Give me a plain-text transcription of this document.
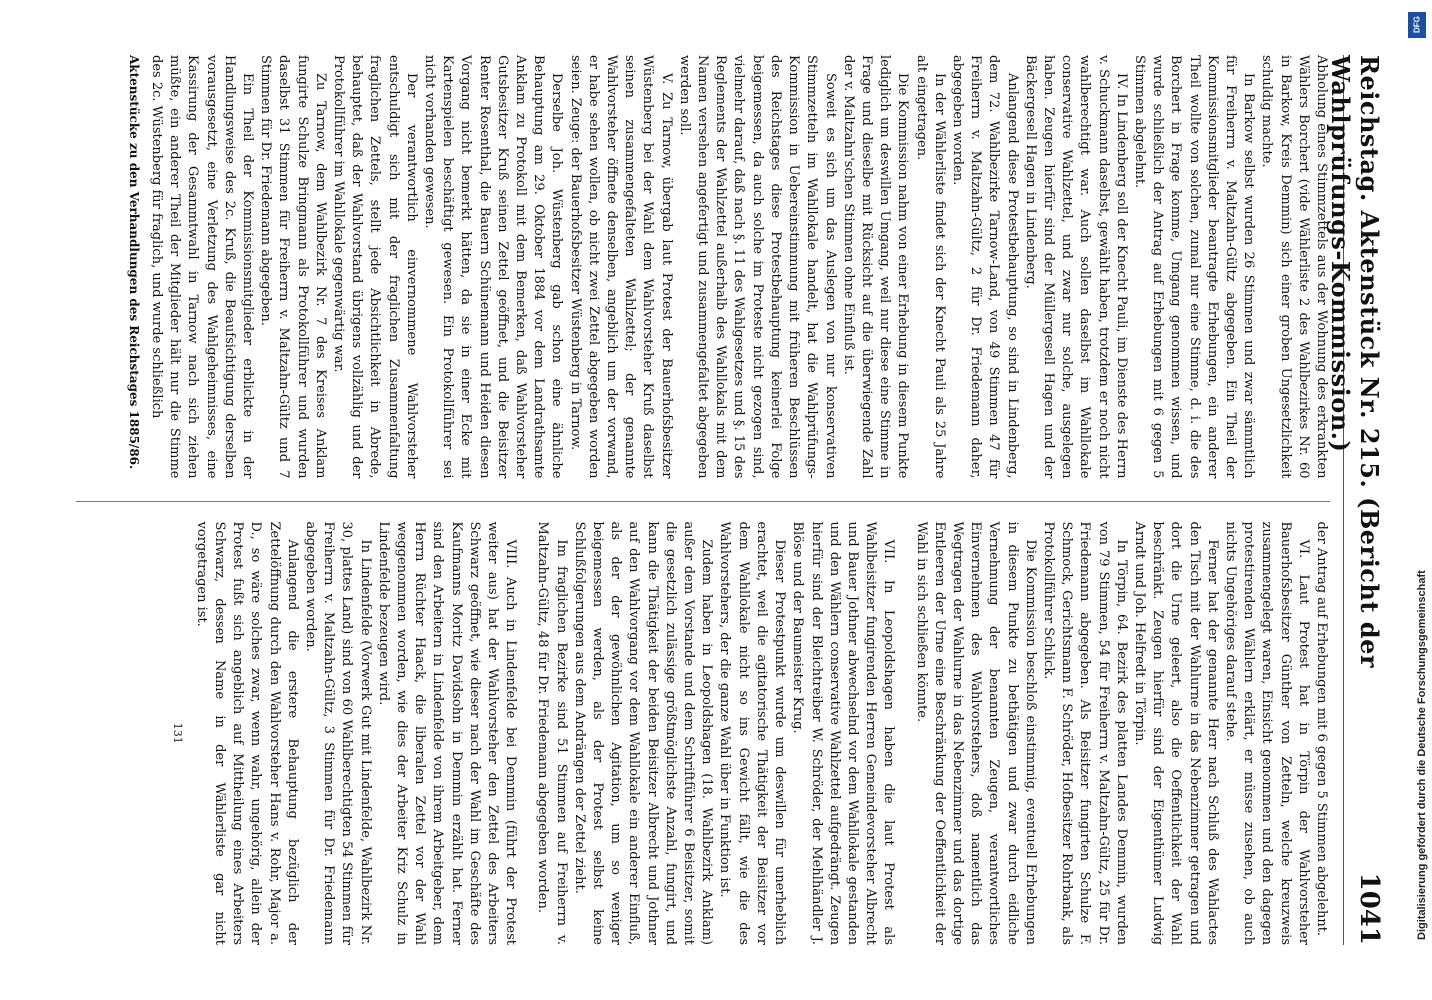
Reichstag. Aktenstück Nr. 215. (Bericht der Wahlprüfungs-Kommission.)
1041

Abholung eines Stimmzettels aus der Wohnung des erkrankten Wählers Borchert (vide Wählerliste 2 des Wahlbezirkes Nr. 60 in Barkow, Kreis Demmin) sich einer groben Ungesetzlichkeit schuldig machte.

In Barkow selbst wurden 26 Stimmen und zwar sämmtlich für Freiherrn v. Maltzahn-Gültz abgegeben. Ein Theil der Kommissionsmitglieder beantragte Erhebungen, ein anderer Theil wollte von solchen, zumal nur eine Stimme, d. i. die des Borchert in Frage komme, Umgang genommen wissen, und wurde schließlich der Antrag auf Erhebungen mit 6 gegen 5 Stimmen abgelehnt.

IV. In Lindenberg soll der Knecht Pauli, im Dienste des Herrn v. Schuckmann daselbst, gewählt haben, trotzdem er noch nicht wahlberechtigt war. Auch sollen daselbst im Wahllokale conservative Wahlzettel, und zwar nur solche, ausgelegen haben. Zeugen hierfür sind der Müllergesell Hagen und der Bäckergesell Hagen in Lindenberg.

Anlangend diese Protestbehauptung, so sind in Lindenberg, dem 72. Wahlbezirke Tarnow-Land, von 49 Stimmen 47 für Freiherrn v. Maltzahn-Gültz, 2 für Dr. Friedemann daher, abgegeben worden.

In der Wählerliste findet sich der Knecht Pauli als 25 Jahre alt eingetragen.

Die Kommission nahm von einer Erhebung in diesem Punkte lediglich um deswillen Umgang, weil nur diese eine Stimme in Frage und dieselbe mit Rücksicht auf die überwiegende Zahl der v. Maltzahn'schen Stimmen ohne Einfluß ist.

Soweit es sich um das Auslegen von nur konservativen Stimmzetteln im Wahllokale handelt, hat die Wahlprüfungs-Kommission in Uebereinstimmung mit früheren Beschlüssen des Reichstages diese Protestbehauptung keinerlei Folge beigemessen, da auch solche im Proteste nicht gezogen sind, vielmehr darauf, daß nach §. 11 des Wahlgesetzes und §. 15 des Reglements der Wahlzettel außerhalb des Wahllokals mit dem Namen versehen angefertigt und zusammengefaltet abgegeben werden soll.

V. Zu Tarnow, übergab laut Protest der Bauerhofsbesitzer Wüstenberg bei der Wahl dem Wahlvorsteher Kruß daselbst seinen zusammengefalteten Wahlzettel; der genannte Wahlvorsteher öffnete denselben, angeblich um der vorwand, er habe sehen wollen, ob nicht zwei Zettel abgegeben worden seien. Zeuge: der Bauerhofsbesitzer Wüstenberg in Tarnow.

Derselbe Joh. Wüstenberg gab schon eine ähnliche Behauptung am 29. Oktober 1884 vor dem Landrathsamte Anklam zu Protokoll mit dem Bemerken, daß Wahlvorsteher Gutsbesitzer Kruß seinen Zettel geöffnet, und die Beisitzer Renter Rosenthal, die Bauern Schünemann und Heiden diesen Vorgang nicht bemerkt hätten, da sie in einer Ecke mit Kartenspielen beschäftigt gewesen. Ein Protokollführer sei nicht vorhanden gewesen.

Der verantwortlich einvernommene Wahlvorsteher entschuldigt sich mit der fraglichen Zusammenfaltung fraglichen Zettels, stellt jede Absichtlichkeit in Abrede, behauptet, daß der Wahlvorstand übrigens vollzählig und der Protokollführer im Wahllokale gegenwärtig war.

Zu Tarnow, dem Wahlbezirk Nr. 7 des Kreises Anklam fungirte Schulze Bringmann als Protokollführer und wurden daselbst 31 Stimmen für Freiherrn v. Maltzahn-Gültz und 7 Stimmen für Dr. Friedemann abgegeben.

Ein Theil der Kommissionsmitglieder erblickte in der Handlungsweise des 2c. Kruß, die Beaufsichtigung derselben vorausgesetzt, eine Verletzung des Wahlgeheimnisses, eine Kassirung der Gesammtwahl in Tarnow nach sich ziehen müßte, ein anderer Theil der Mitglieder hält nur die Stimme des 2c. Wüstenberg für fraglich, und wurde schließlich

Aktenstücke zu den Verhandlungen des Reichstages 1885/86.

der Antrag auf Erhebungen mit 6 gegen 5 Stimmen abgelehnt.

VI. Laut Protest hat in Törpin der Wahlvorsteher Bauerhofsbesitzer Günther von Zetteln, welche kreuzweis zusammengelegt waren, Einsicht genommen und den dagegen protestirenden Wählern erklärt, er müsse zusehen, ob auch nichts Ungehöriges darauf stehe.

Ferner hat der genannte Herr nach Schluß des Wahlactes den Tisch mit der Wahlurne in das Nebenzimmer getragen und dort die Urne geleert, also die Oeffentlichkeit der Wahl beschränkt. Zeugen hierfür sind der Eigenthümer Ludwig Arndt und Joh. Helfredt in Törpin.

In Törpin, 64. Bezirk des platten Landes Demmin, wurden von 79 Stimmen, 54 für Freiherrn v. Maltzahn-Gültz, 25 für Dr. Friedemann abgegeben. Als Beisitzer fungirten Schulze F. Schmock, Gerichtsmann F. Schröder, Hofbesitzer Rohrbank, als Protokollführer Schlick.

Die Kommission beschloß einstimmig, eventuell Erhebungen in diesem Punkte zu bethätigen und zwar durch eidliche Vernehmung der benannten Zeugen, verantwortliches Einvernehmen des Wahlvorstehers, doß namentlich das Wegtragen der Wahlurne in das Nebenzimmer und das dortige Entleeren der Urne eine Beschränkung der Oeffentlichkeit der Wahl in sich schließen könnte.

VII. In Leopoldshagen haben die laut Protest als Wahlbeisitzer fungirenden Herren Gemeindevorsteher Albrecht und Bauer Jothner abwechselnd vor dem Wahllokale gestanden und den Wählern conservative Wahlzettel aufgedrängt. Zeugen hierfür sind der Bleichtreiber W. Schröder, der Mehlhändler J. Blöse und der Baumeister Krug.

Dieser Protestpunkt wurde um deswillen für unerheblich erachtet, weil die agitatorische Thätigkeit der Beisitzer vor dem Wahllokale nicht so ins Gewicht fällt, wie die des Wahlvorstehers, der die ganze Wahl über in Funktion ist.

Zudem haben in Leopoldshagen (18. Wahlbezirk Anklam) außer dem Vorstande und dem Schriftführer 6 Beisitzer, somit die gesetzlich zulässige größtmöglichste Anzahl, fungirt, und kann die Thätigkeit der beiden Beisitzer Albrecht und Jothner auf den Wahlvorgang vor dem Wahllokale ein anderer Einfluß, als der der gewöhnlichen Agitation, um so weniger beigemessen werden, als der Protest selbst keine Schlußfolgerungen aus dem Andrängen der Zettel zieht.

Im fraglichen Bezirke sind 51 Stimmen auf Freiherrn v. Maltzahn-Gültz, 48 für Dr. Friedemann abgegeben worden.

VIII. Auch in Lindenfelde bei Demmin (führt der Protest weiter aus) hat der Wahlvorsteher den Zettel des Arbeiters Schwarz geöffnet, wie dieser nach der Wahl im Geschäfte des Kaufmanns Moritz Davidsohn in Demmin erzählt hat. Ferner sind den Arbeitern in Lindenfelde von ihrem Arbeitgeber, dem Herrn Rüchter Haack, die liberalen Zettel vor der Wahl weggenommen worden, wie dies der Arbeiter Kriz Schulz in Lindenfelde bezeugen wird.

In Lindenfelde (Vorwerk Gut mit Lindenfelde, Wahlbezirk Nr. 30, plattes Land) sind von 60 Wahlberechtigten 54 Stimmen für Freiherrn v. Maltzahn-Gültz, 3 Stimmen für Dr. Friedemann abgegeben worden.

Anlangend die erstere Behauptung bezüglich der Zettelöffnung durch den Wahlvorsteher Hans v. Rohr, Major a. D., so wäre solches zwar, wenn wahr, ungehörig, allein der Protest fußt sich angeblich auf Mittheilung eines Arbeiters Schwarz, dessen Name in der Wählerliste gar nicht vorgetragen ist.

131
DFG
Digitalisierung gefördert durch die Deutsche Forschungsgemeinschaft
